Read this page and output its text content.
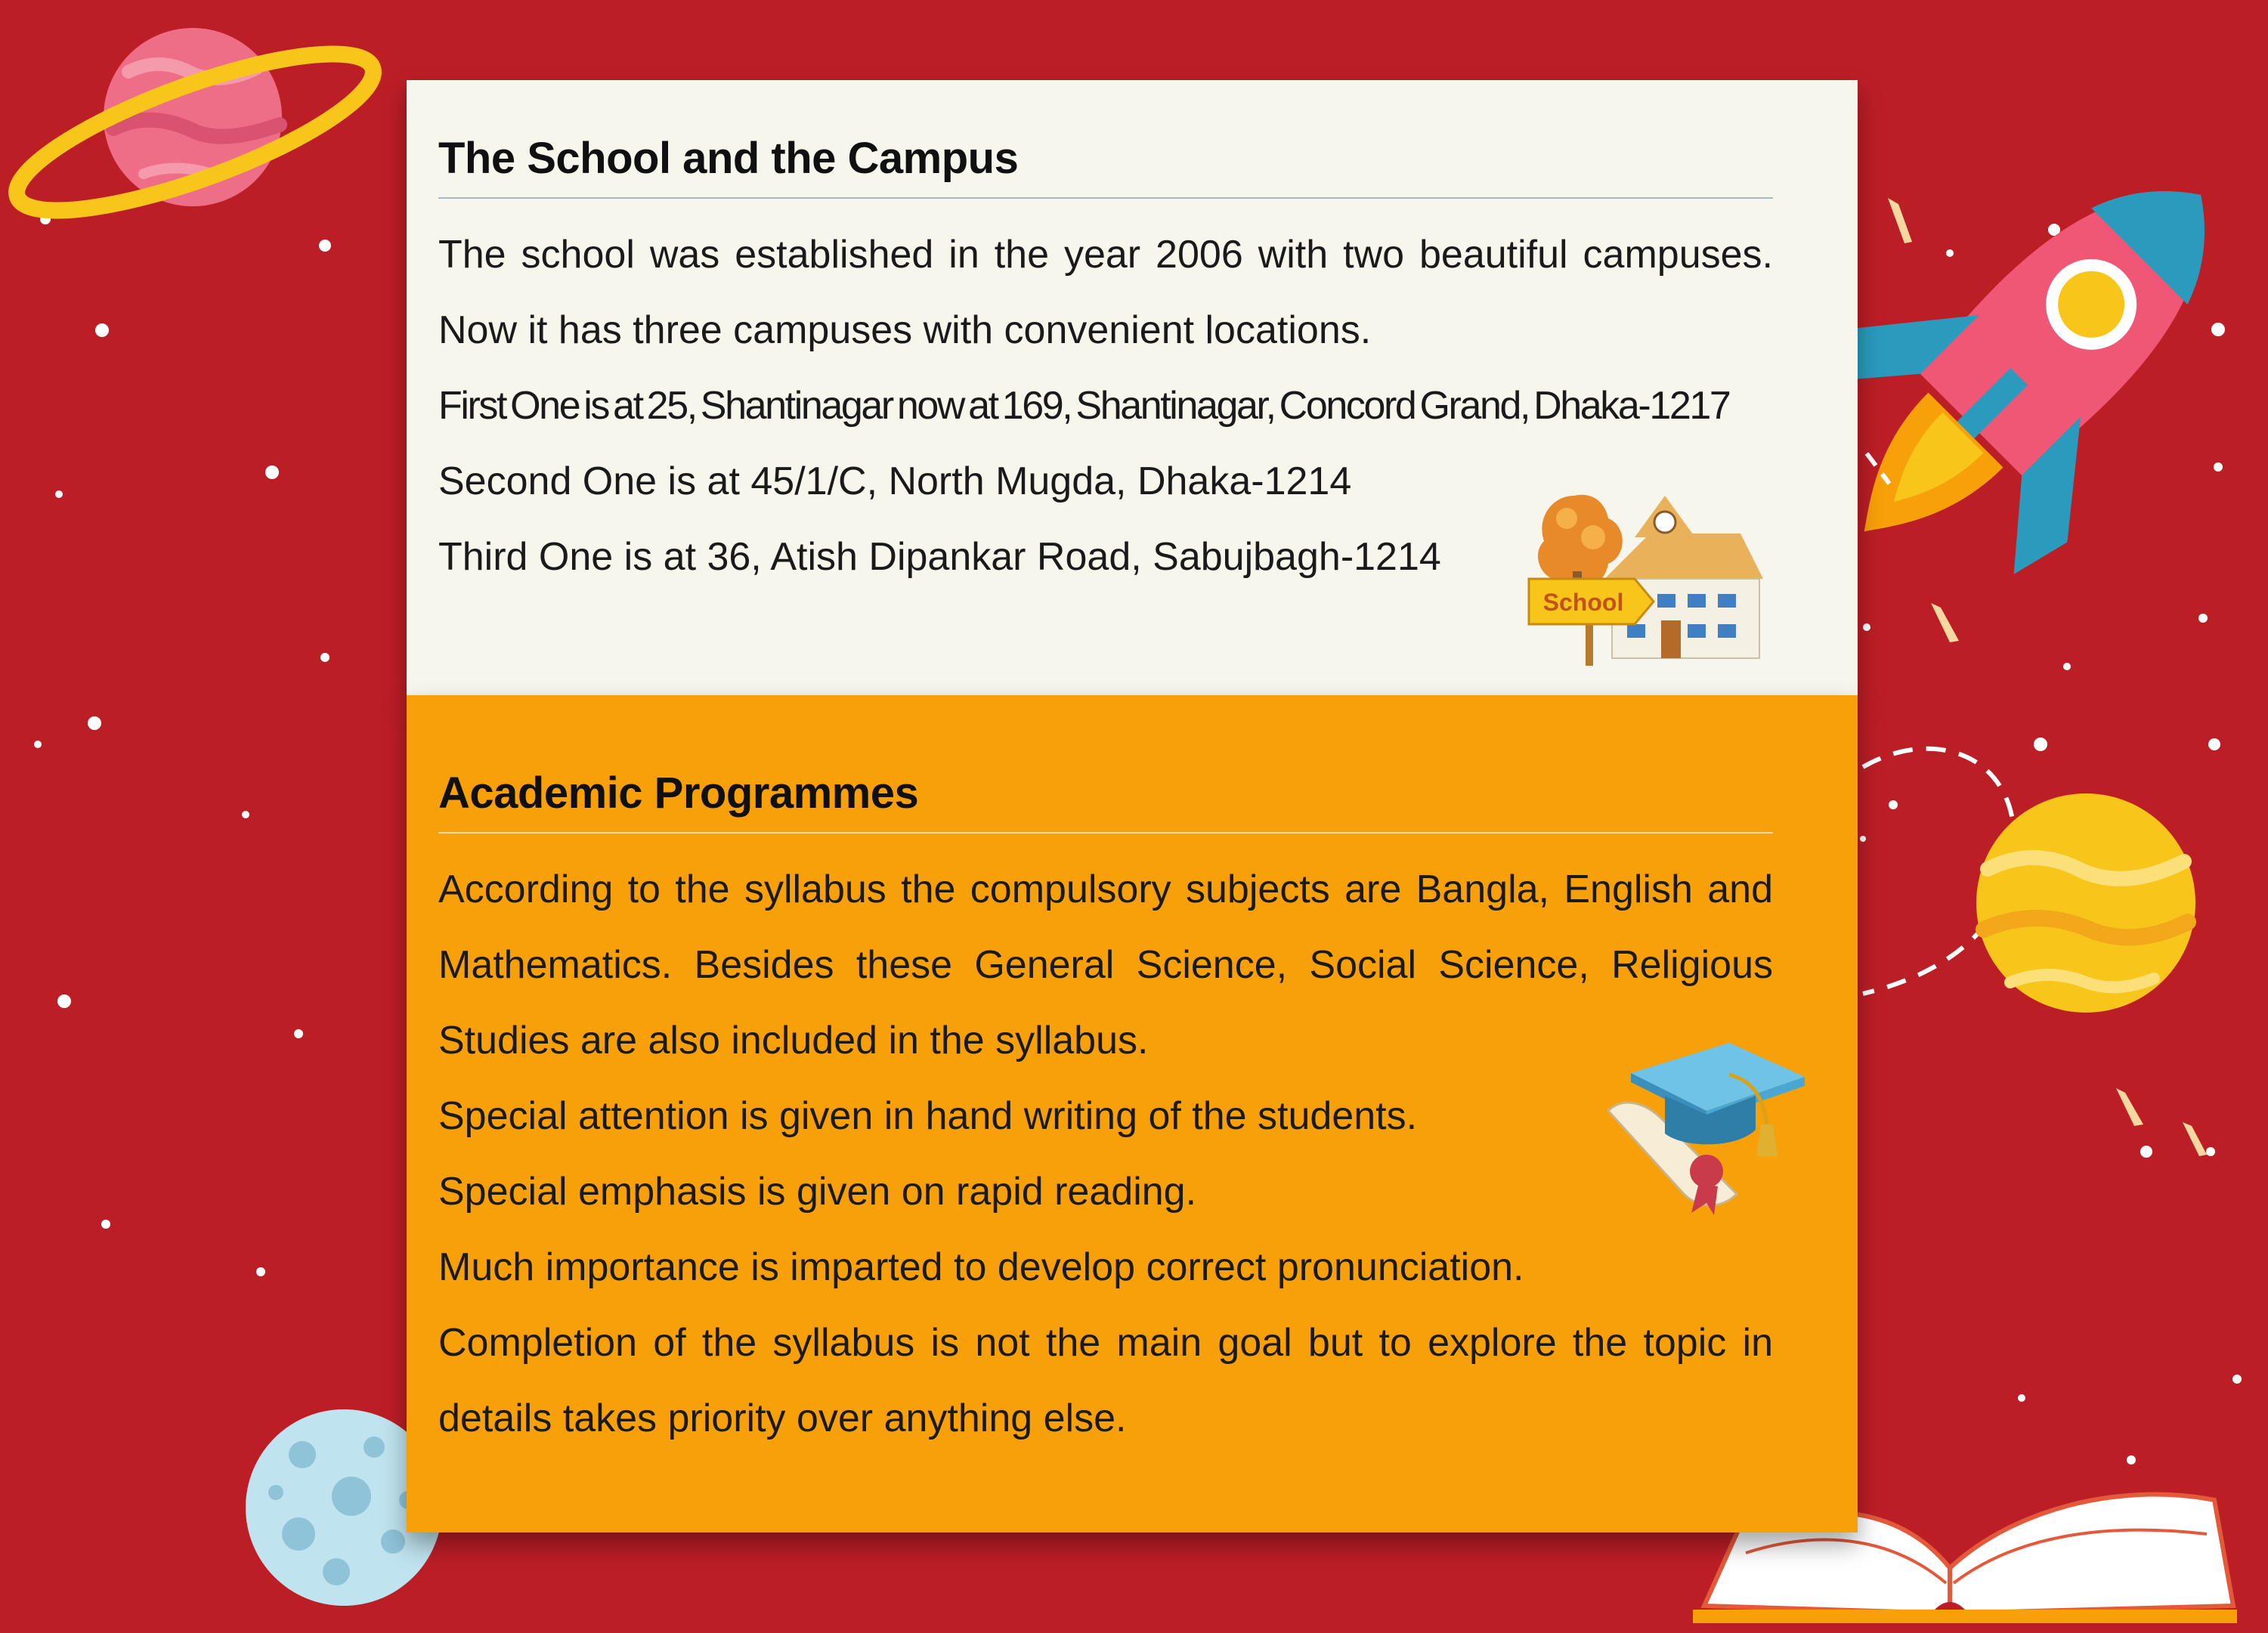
The School and the Campus

The school was established in the year 2006 with two beautiful campuses. Now it has three campuses with convenient locations.

First One is at 25, Shantinagar now at 169, Shantinagar, Concord Grand, Dhaka-1217

Second One is at 45/1/C, North Mugda, Dhaka-1214

Third One is at 36, Atish Dipankar Road, Sabujbagh-1214

School
Academic Programmes

According to the syllabus the compulsory subjects are Bangla, English and Mathematics. Besides these General Science, Social Science, Religious Studies are also included in the syllabus.

Special attention is given in hand writing of the students.

Special emphasis is given on rapid reading.

Much importance is imparted to develop correct pronunciation.

Completion of the syllabus is not the main goal but to explore the topic in details takes priority over anything else.
